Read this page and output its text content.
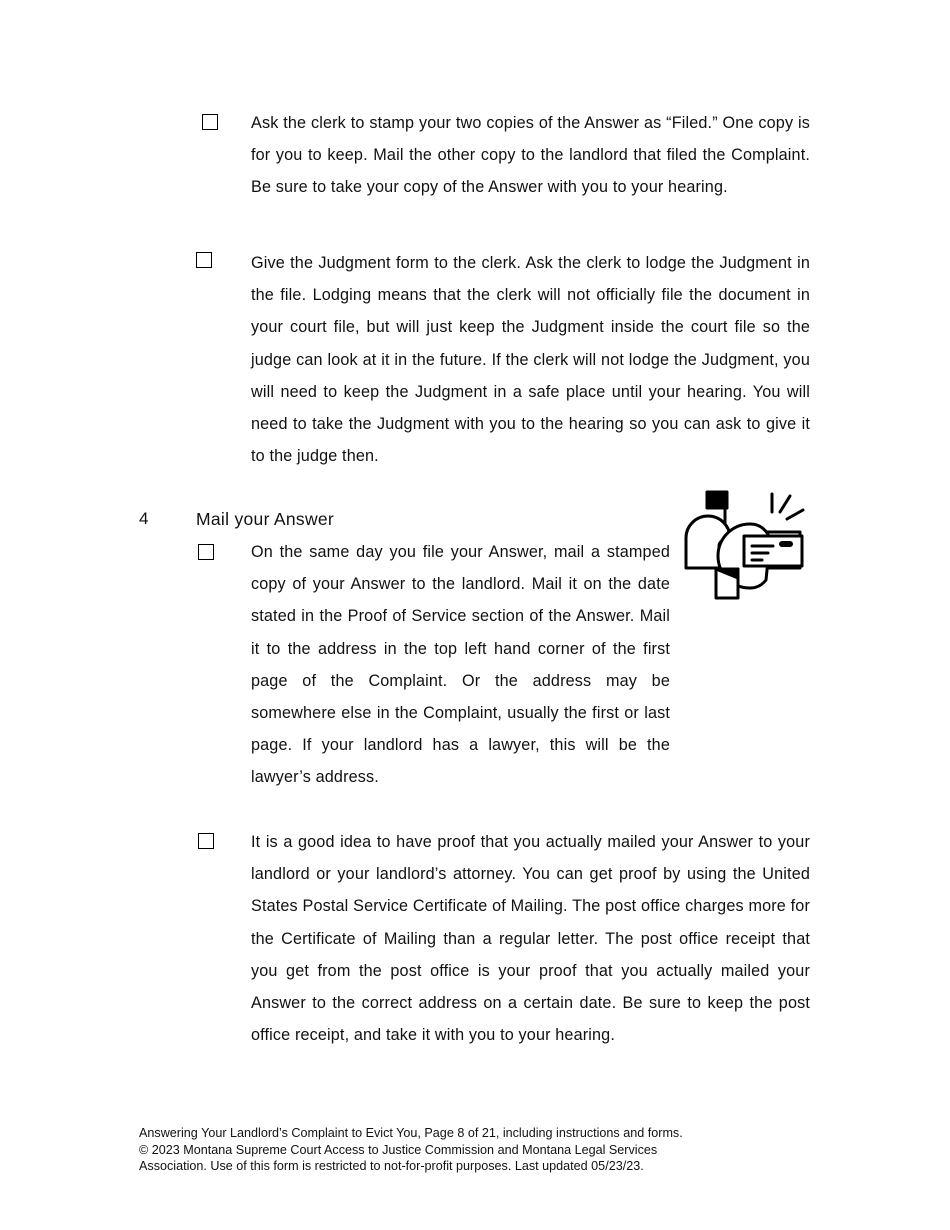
Ask the clerk to stamp your two copies of the Answer as “Filed.” One copy is for you to keep. Mail the other copy to the landlord that filed the Complaint. Be sure to take your copy of the Answer with you to your hearing.
Give the Judgment form to the clerk. Ask the clerk to lodge the Judgment in the file. Lodging means that the clerk will not officially file the document in your court file, but will just keep the Judgment inside the court file so the judge can look at it in the future. If the clerk will not lodge the Judgment, you will need to keep the Judgment in a safe place until your hearing. You will need to take the Judgment with you to the hearing so you can ask to give it to the judge then.
4	Mail your Answer
On the same day you file your Answer, mail a stamped copy of your Answer to the landlord. Mail it on the date stated in the Proof of Service section of the Answer. Mail it to the address in the top left hand corner of the first page of the Complaint. Or the address may be somewhere else in the Complaint, usually the first or last page. If your landlord has a lawyer, this will be the lawyer’s address.
It is a good idea to have proof that you actually mailed your Answer to your landlord or your landlord’s attorney. You can get proof by using the United States Postal Service Certificate of Mailing. The post office charges more for the Certificate of Mailing than a regular letter. The post office receipt that you get from the post office is your proof that you actually mailed your Answer to the correct address on a certain date. Be sure to keep the post office receipt, and take it with you to your hearing.
Answering Your Landlord’s Complaint to Evict You, Page 8 of 21, including instructions and forms.
© 2023 Montana Supreme Court Access to Justice Commission and Montana Legal Services
Association. Use of this form is restricted to not-for-profit purposes. Last updated 05/23/23.
